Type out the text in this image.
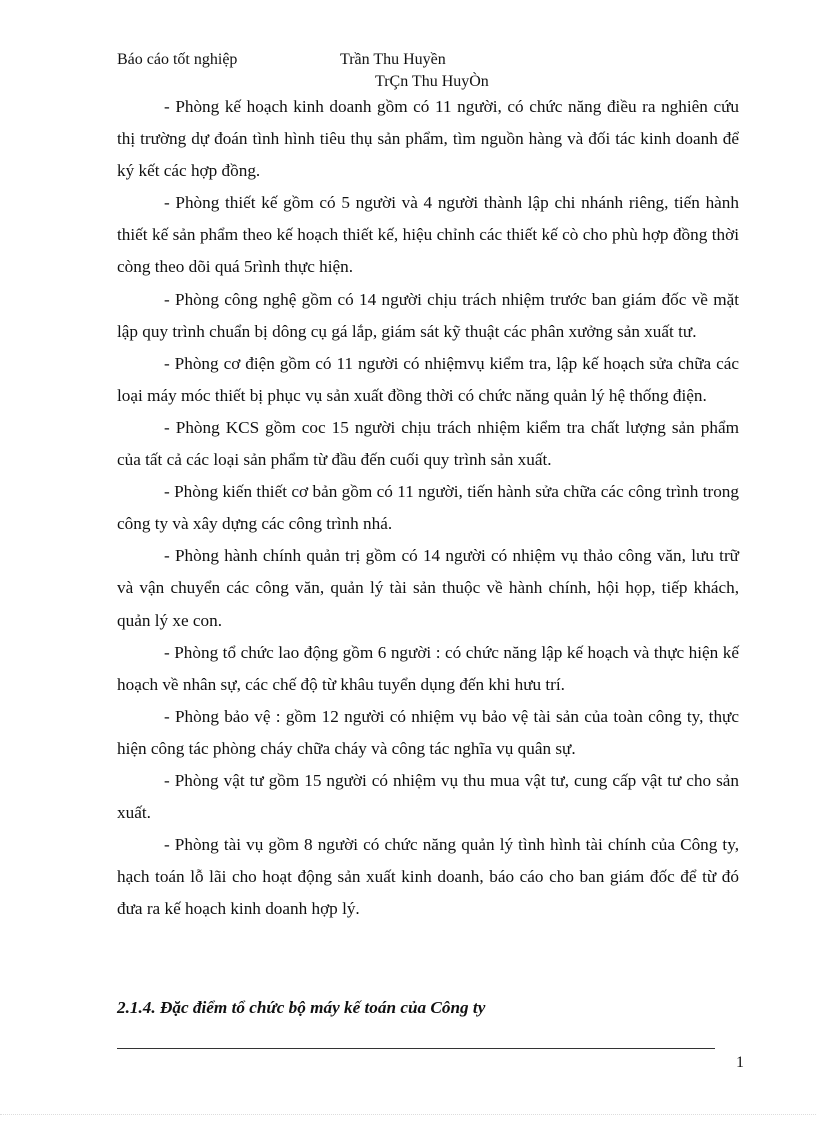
Báo cáo tốt nghiệp	Trần Thu Huyền
TrÇn Thu HuyÒn

- Phòng kế hoạch kinh doanh gồm có 11 người, có chức năng điều ra nghiên cứu thị trường dự đoán tình hình tiêu thụ sản phẩm, tìm nguồn hàng và đối tác kinh doanh để ký kết các hợp đồng.

- Phòng thiết kế gồm có 5 người và 4 người thành lập chi nhánh riêng, tiến hành thiết kế sản phẩm theo kế hoạch thiết kế, hiệu chỉnh các thiết kế cò cho phù hợp đồng thời còng theo dõi quá 5rình thực hiện.

- Phòng công nghệ gồm có 14 người chịu trách nhiệm trước ban giám đốc về mặt lập quy trình chuẩn bị dông cụ gá lắp, giám sát kỹ thuật các phân xưởng sản xuất tư.

- Phòng cơ điện gồm có 11 người có nhiệmvụ kiểm tra, lập kế hoạch sửa chữa các loại máy móc thiết bị phục vụ sản xuất đồng thời có chức năng quản lý hệ thống điện.

- Phòng KCS gồm coc 15 người chịu trách nhiệm kiểm tra chất lượng sản phẩm của tất cả các loại sản phẩm từ đầu đến cuối quy trình sản xuất.

- Phòng kiến thiết cơ bản gồm có 11 người, tiến hành sửa chữa các công trình trong công ty và xây dựng các công trình nhá.

- Phòng hành chính quản trị gồm có 14 người có nhiệm vụ thảo công văn, lưu trữ và vận chuyển các công văn, quản lý tài sản thuộc về hành chính, hội họp, tiếp khách, quản lý xe con.

- Phòng tổ chức lao động gồm 6 người : có chức năng lập kế hoạch và thực hiện kế hoạch về nhân sự, các chế độ từ khâu tuyển dụng đến khi hưu trí.

- Phòng bảo vệ : gồm 12 người có nhiệm vụ bảo vệ tài sản của toàn công ty, thực hiện công tác phòng cháy chữa cháy và công tác nghĩa vụ quân sự.

- Phòng vật tư gồm 15 người có nhiệm vụ thu mua vật tư, cung cấp vật tư cho sản xuất.

- Phòng tài vụ gồm 8 người có chức năng quản lý tình hình tài chính của Công ty, hạch toán lỗ lãi cho hoạt động sản xuất kinh doanh, báo cáo cho ban giám đốc để từ đó đưa ra kế hoạch kinh doanh hợp lý.

2.1.4. Đặc điểm tổ chức bộ máy kế toán của Công ty
1
